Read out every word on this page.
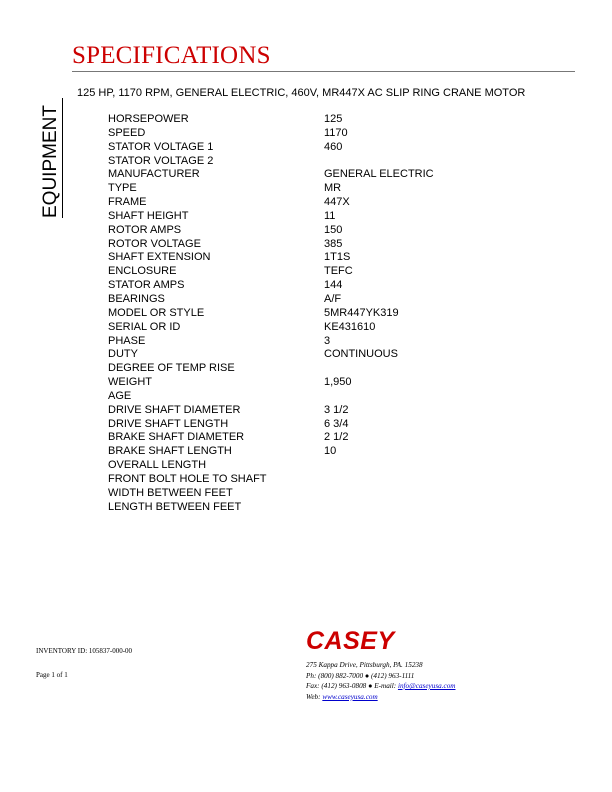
SPECIFICATIONS
125 HP, 1170 RPM, GENERAL ELECTRIC, 460V, MR447X AC SLIP RING CRANE MOTOR
EQUIPMENT	HORSEPOWER	125
SPEED	1170
STATOR VOLTAGE 1	460
STATOR VOLTAGE 2
MANUFACTURER	GENERAL ELECTRIC
TYPE	MR
FRAME	447X
SHAFT HEIGHT	11
ROTOR AMPS	150
ROTOR VOLTAGE	385
SHAFT EXTENSION	1T1S
ENCLOSURE	TEFC
STATOR AMPS	144
BEARINGS	A/F
MODEL OR STYLE	5MR447YK319
SERIAL OR ID	KE431610
PHASE	3
DUTY	CONTINUOUS
DEGREE OF TEMP RISE
WEIGHT	1,950
AGE
DRIVE SHAFT DIAMETER	3 1/2
DRIVE SHAFT LENGTH	6 3/4
BRAKE SHAFT DIAMETER	2 1/2
BRAKE SHAFT LENGTH	10
OVERALL LENGTH
FRONT BOLT HOLE TO SHAFT
WIDTH BETWEEN FEET
LENGTH BETWEEN FEET
INVENTORY ID: 105837-000-00
Page 1 of 1
CASEY
275 Kappa Drive, Pittsburgh, PA. 15238
Ph: (800) 882-7000 ● (412) 963-1111
Fax: (412) 963-0808 ● E-mail: info@caseyusa.com
Web: www.caseyusa.com
